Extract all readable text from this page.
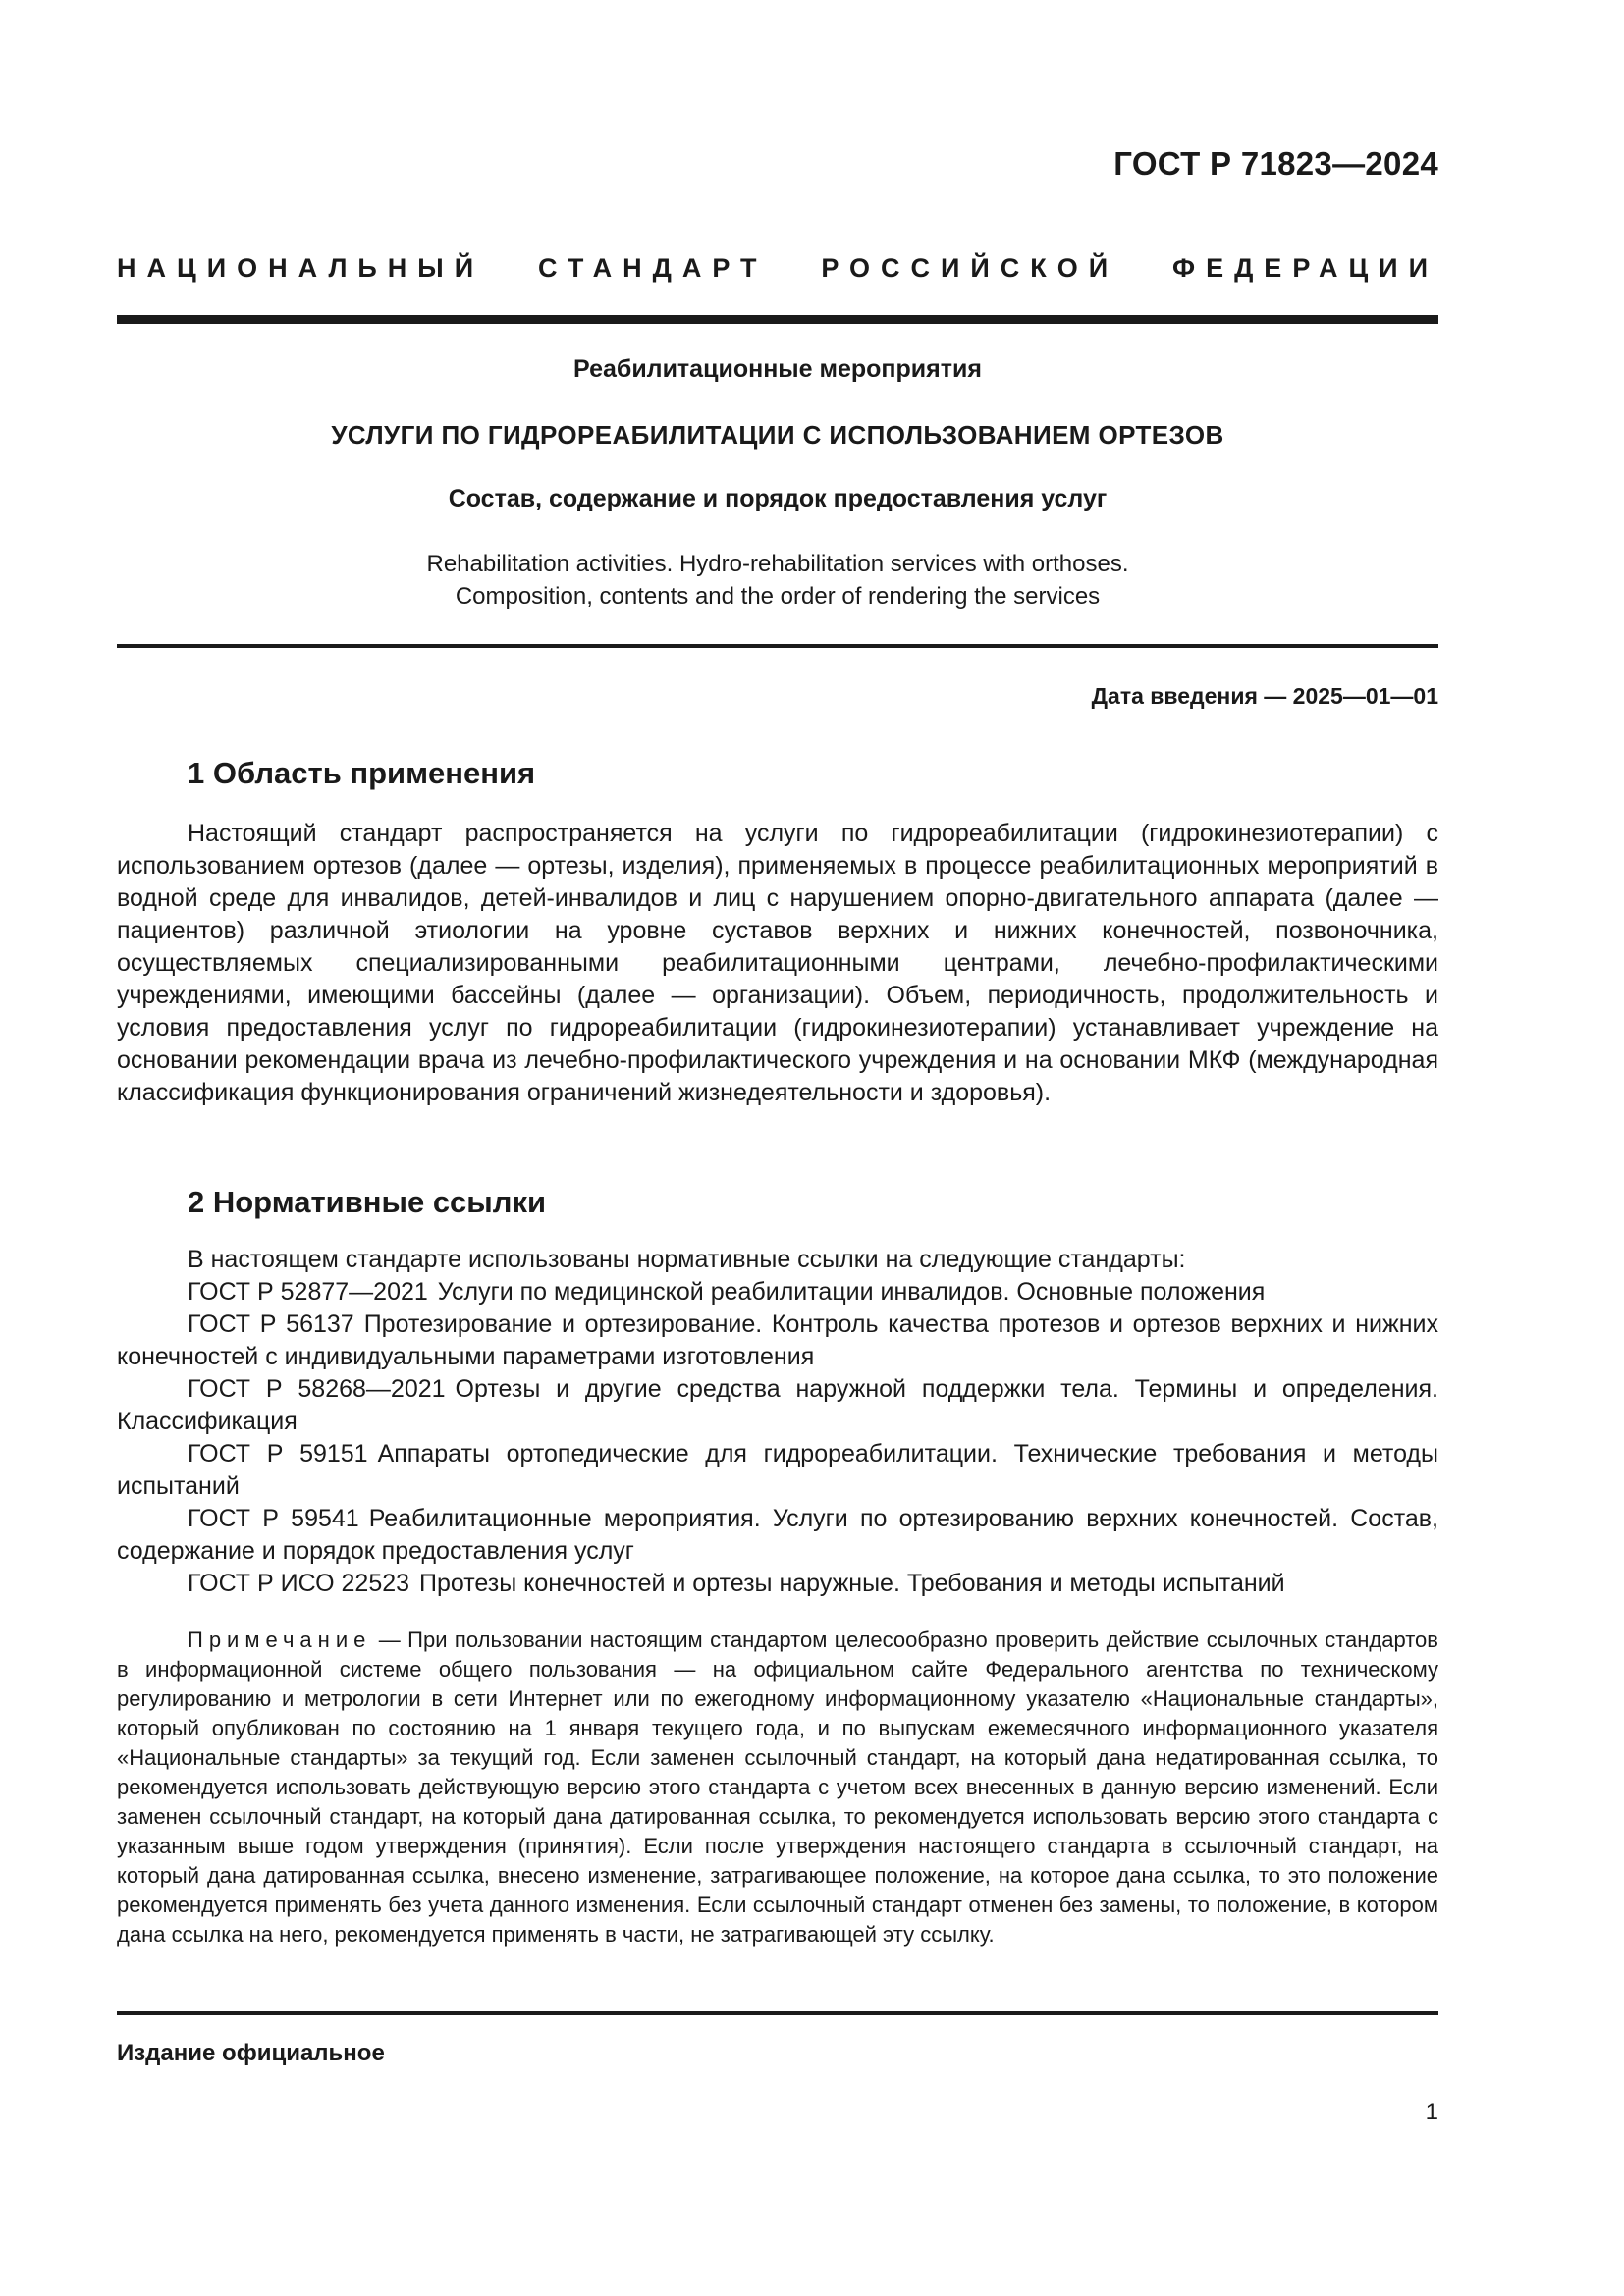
ГОСТ Р 71823—2024
НАЦИОНАЛЬНЫЙ СТАНДАРТ РОССИЙСКОЙ ФЕДЕРАЦИИ
Реабилитационные мероприятия
УСЛУГИ ПО ГИДРОРЕАБИЛИТАЦИИ С ИСПОЛЬЗОВАНИЕМ ОРТЕЗОВ
Состав, содержание и порядок предоставления услуг
Rehabilitation activities. Hydro-rehabilitation services with orthoses.
Composition, contents and the order of rendering the services
Дата введения — 2025—01—01
1 Область применения
Настоящий стандарт распространяется на услуги по гидрореабилитации (гидрокинезиотерапии) с использованием ортезов (далее — ортезы, изделия), применяемых в процессе реабилитационных мероприятий в водной среде для инвалидов, детей-инвалидов и лиц с нарушением опорно-двигательного аппарата (далее — пациентов) различной этиологии на уровне суставов верхних и нижних конечностей, позвоночника, осуществляемых специализированными реабилитационными центрами, лечебно-профилактическими учреждениями, имеющими бассейны (далее — организации). Объем, периодичность, продолжительность и условия предоставления услуг по гидрореабилитации (гидрокинезиотерапии) устанавливает учреждение на основании рекомендации врача из лечебно-профилактического учреждения и на основании МКФ (международная классификация функционирования ограничений жизнедеятельности и здоровья).
2 Нормативные ссылки

В настоящем стандарте использованы нормативные ссылки на следующие стандарты:

ГОСТ Р 52877—2021 Услуги по медицинской реабилитации инвалидов. Основные положения

ГОСТ Р 56137 Протезирование и ортезирование. Контроль качества протезов и ортезов верхних и нижних конечностей с индивидуальными параметрами изготовления

ГОСТ Р 58268—2021 Ортезы и другие средства наружной поддержки тела. Термины и определения. Классификация

ГОСТ Р 59151 Аппараты ортопедические для гидрореабилитации. Технические требования и методы испытаний

ГОСТ Р 59541 Реабилитационные мероприятия. Услуги по ортезированию верхних конечностей. Состав, содержание и порядок предоставления услуг

ГОСТ Р ИСО 22523 Протезы конечностей и ортезы наружные. Требования и методы испытаний

Примечание — При пользовании настоящим стандартом целесообразно проверить действие ссылочных стандартов в информационной системе общего пользования — на официальном сайте Федерального агентства по техническому регулированию и метрологии в сети Интернет или по ежегодному информационному указателю «Национальные стандарты», который опубликован по состоянию на 1 января текущего года, и по выпускам ежемесячного информационного указателя «Национальные стандарты» за текущий год. Если заменен ссылочный стандарт, на который дана недатированная ссылка, то рекомендуется использовать действующую версию этого стандарта с учетом всех внесенных в данную версию изменений. Если заменен ссылочный стандарт, на который дана датированная ссылка, то рекомендуется использовать версию этого стандарта с указанным выше годом утверждения (принятия). Если после утверждения настоящего стандарта в ссылочный стандарт, на который дана датированная ссылка, внесено изменение, затрагивающее положение, на которое дана ссылка, то это положение рекомендуется применять без учета данного изменения. Если ссылочный стандарт отменен без замены, то положение, в котором дана ссылка на него, рекомендуется применять в части, не затрагивающей эту ссылку.
Издание официальное
1
